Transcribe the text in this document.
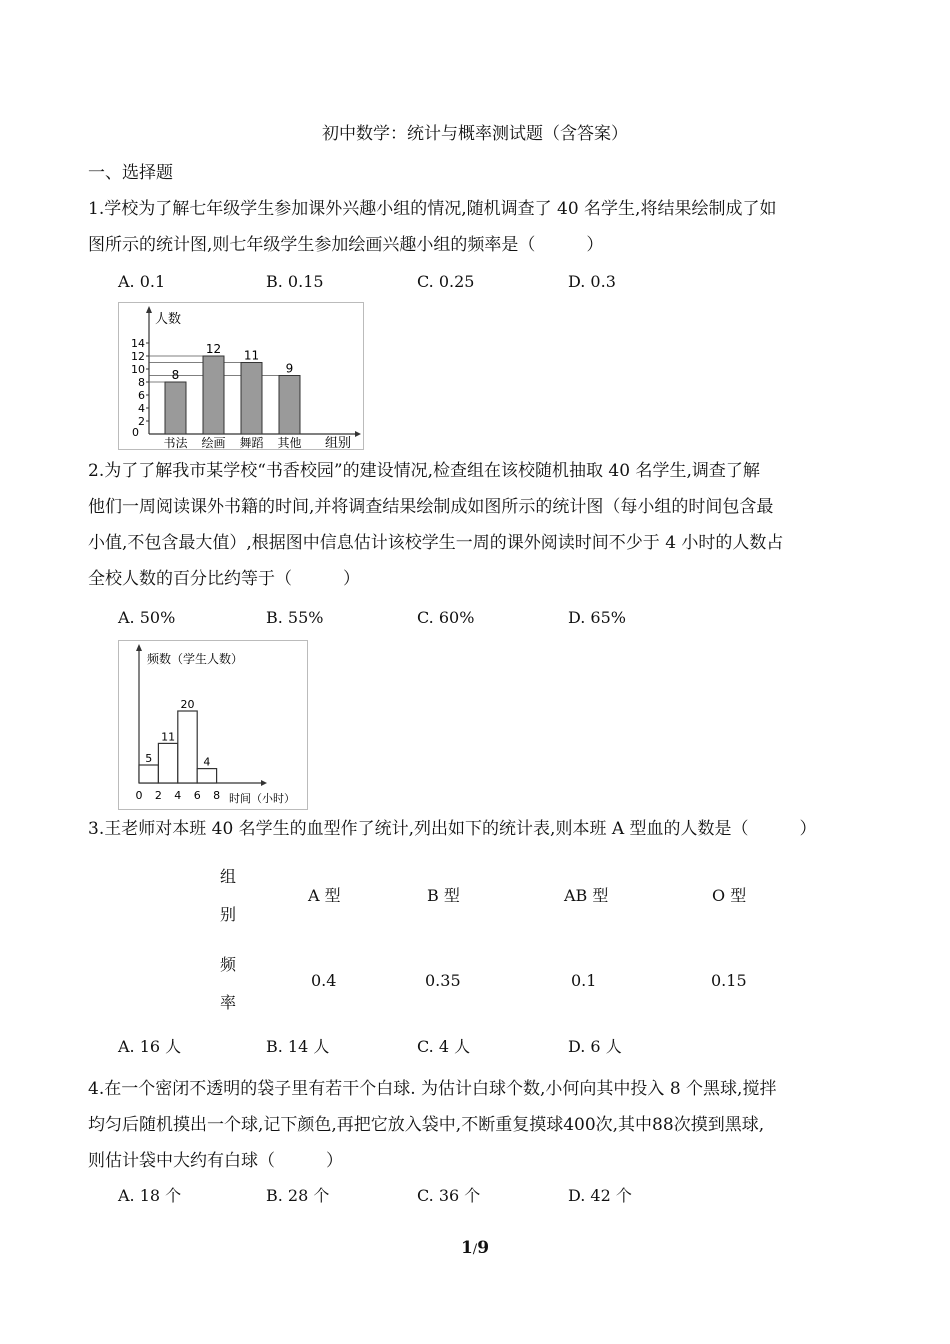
初中数学：统计与概率测试题（含答案）
一、选择题
1.学校为了解七年级学生参加课外兴趣小组的情况,随机调查了 40 名学生,将结果绘制成了如
图所示的统计图,则七年级学生参加绘画兴趣小组的频率是（　　　）
A. 0.1	B. 0.15	C. 0.25	D. 0.3
人数
组别
0
2
4
6
8
10
12
14
8
书法
12
绘画
11
舞蹈
9
其他
2.为了了解我市某学校“书香校园”的建设情况,检查组在该校随机抽取 40 名学生,调查了解
他们一周阅读课外书籍的时间,并将调查结果绘制成如图所示的统计图（每小组的时间包含最
小值,不包含最大值）,根据图中信息估计该校学生一周的课外阅读时间不少于 4 小时的人数占
全校人数的百分比约等于（　　　）
A. 50%	B. 55%	C. 60%	D. 65%
频数（学生人数）
时间（小时）
5
11
20
4
0 2 4 6 8
3.王老师对本班 40 名学生的血型作了统计,列出如下的统计表,则本班 A 型血的人数是（　　　）
组
别
A 型	B 型	AB 型	O 型
频
率
0.4	0.35	0.1	0.15
A. 16 人	B. 14 人	C. 4 人	D. 6 人
4.在一个密闭不透明的袋子里有若干个白球. 为估计白球个数,小何向其中投入 8 个黑球,搅拌
均匀后随机摸出一个球,记下颜色,再把它放入袋中,不断重复摸球400次,其中88次摸到黑球,
则估计袋中大约有白球（　　　）
A. 18 个	B. 28 个	C. 36 个	D. 42 个
1/9
